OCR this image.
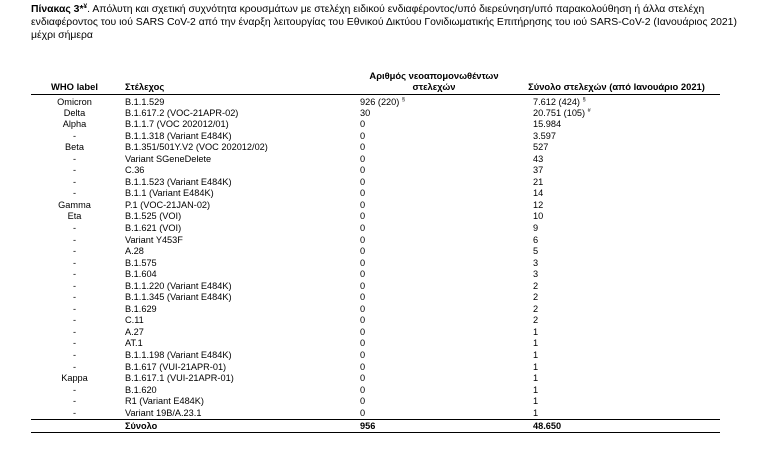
Πίνακας 3*¥. Απόλυτη και σχετική συχνότητα κρουσμάτων με στελέχη ειδικού ενδιαφέροντος/υπό διερεύνηση/υπό παρακολούθηση ή άλλα στελέχη ενδιαφέροντος του ιού SARS CoV-2 από την έναρξη λειτουργίας του Εθνικού Δικτύου Γονιδιωματικής Επιτήρησης του ιού SARS-CoV-2 (Ιανουάριος 2021) μέχρι σήμερα
WHO label	Στέλεχος	Αριθμός νεοαπομονωθέντων στελεχών	Σύνολο στελεχών (από Ιανουάριο 2021)
Omicron	B.1.1.529	926 (220) §	7.612 (424) §
Delta	B.1.617.2 (VOC-21APR-02)	30	20.751 (105) #
Alpha	B.1.1.7 (VOC 202012/01)	0	15.984
-	B.1.1.318 (Variant E484K)	0	3.597
Beta	B.1.351/501Y.V2 (VOC 202012/02)	0	527
-	Variant SGeneDelete	0	43
-	C.36	0	37
-	B.1.1.523 (Variant E484K)	0	21
-	B.1.1 (Variant E484K)	0	14
Gamma	P.1 (VOC-21JAN-02)	0	12
Eta	B.1.525 (VOI)	0	10
-	B.1.621 (VOI)	0	9
-	Variant Y453F	0	6
-	A.28	0	5
-	B.1.575	0	3
-	B.1.604	0	3
-	B.1.1.220 (Variant E484K)	0	2
-	B.1.1.345 (Variant E484K)	0	2
-	B.1.629	0	2
-	C.11	0	2
-	A.27	0	1
-	AT.1	0	1
-	B.1.1.198 (Variant E484K)	0	1
-	B.1.617 (VUI-21APR-01)	0	1
Kappa	B.1.617.1 (VUI-21APR-01)	0	1
-	B.1.620	0	1
-	R1 (Variant E484K)	0	1
-	Variant 19B/A.23.1	0	1
	Σύνολο	956	48.650
